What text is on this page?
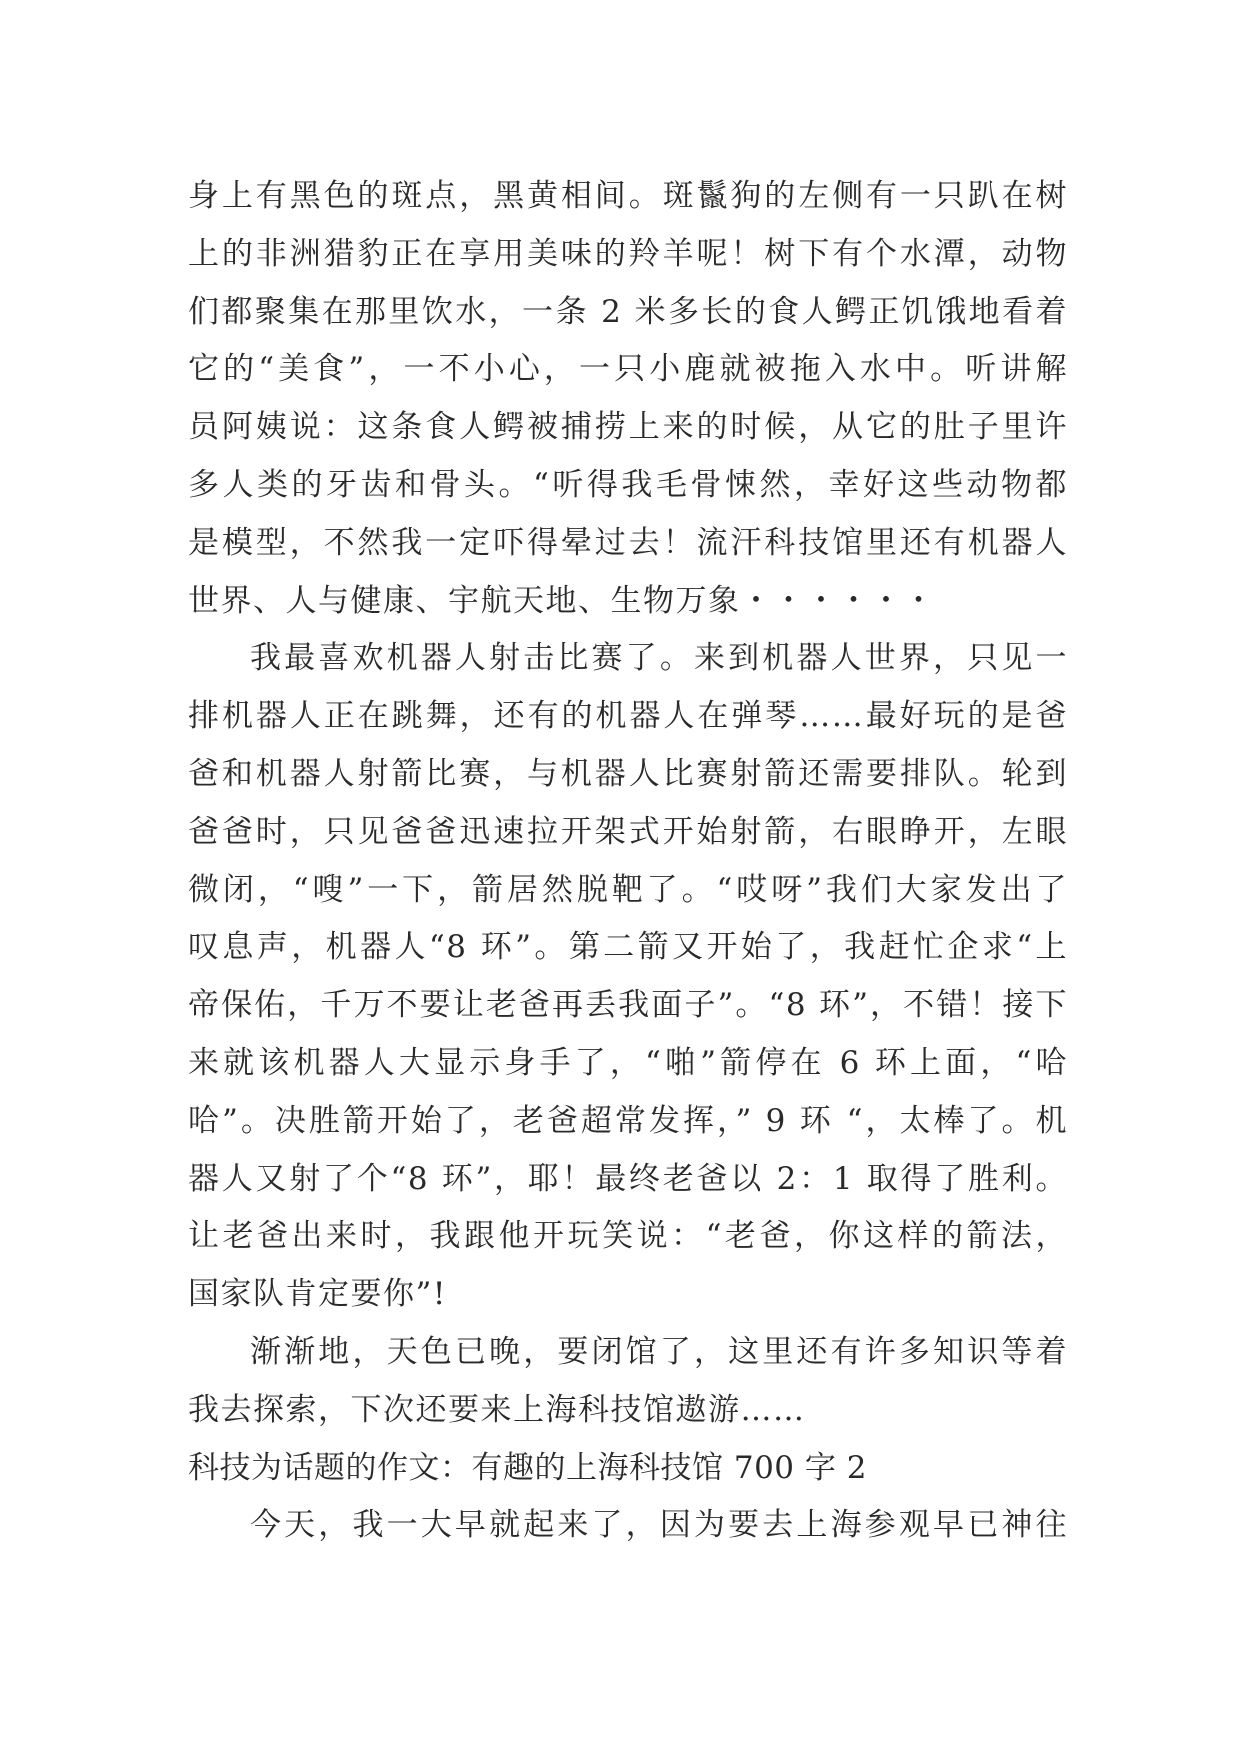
身上有黑色的斑点，黑黄相间。斑鬣狗的左侧有一只趴在树
上的非洲猎豹正在享用美味的羚羊呢！树下有个水潭，动物
们都聚集在那里饮水，一条 2 米多长的食人鳄正饥饿地看着
它的“美食”，一不小心，一只小鹿就被拖入水中。听讲解
员阿姨说：这条食人鳄被捕捞上来的时候，从它的肚子里许
多人类的牙齿和骨头。“听得我毛骨悚然，幸好这些动物都
是模型，不然我一定吓得晕过去！流汗科技馆里还有机器人
世界、人与健康、宇航天地、生物万象・・・・・・
我最喜欢机器人射击比赛了。来到机器人世界，只见一
排机器人正在跳舞，还有的机器人在弹琴……最好玩的是爸
爸和机器人射箭比赛，与机器人比赛射箭还需要排队。轮到
爸爸时，只见爸爸迅速拉开架式开始射箭，右眼睁开，左眼
微闭，“嗖”一下，箭居然脱靶了。“哎呀”我们大家发出了
叹息声，机器人“8 环”。第二箭又开始了，我赶忙企求“上
帝保佑，千万不要让老爸再丢我面子”。“8 环”，不错！接下
来就该机器人大显示身手了，“啪”箭停在 6 环上面，“哈
哈”。决胜箭开始了，老爸超常发挥，” 9 环 “，太棒了。机
器人又射了个“8 环”，耶！最终老爸以 2：1 取得了胜利。
让老爸出来时，我跟他开玩笑说：“老爸，你这样的箭法，
国家队肯定要你”!
渐渐地，天色已晚，要闭馆了，这里还有许多知识等着
我去探索，下次还要来上海科技馆遨游……
科技为话题的作文：有趣的上海科技馆 700 字 2
今天，我一大早就起来了，因为要去上海参观早已神往
